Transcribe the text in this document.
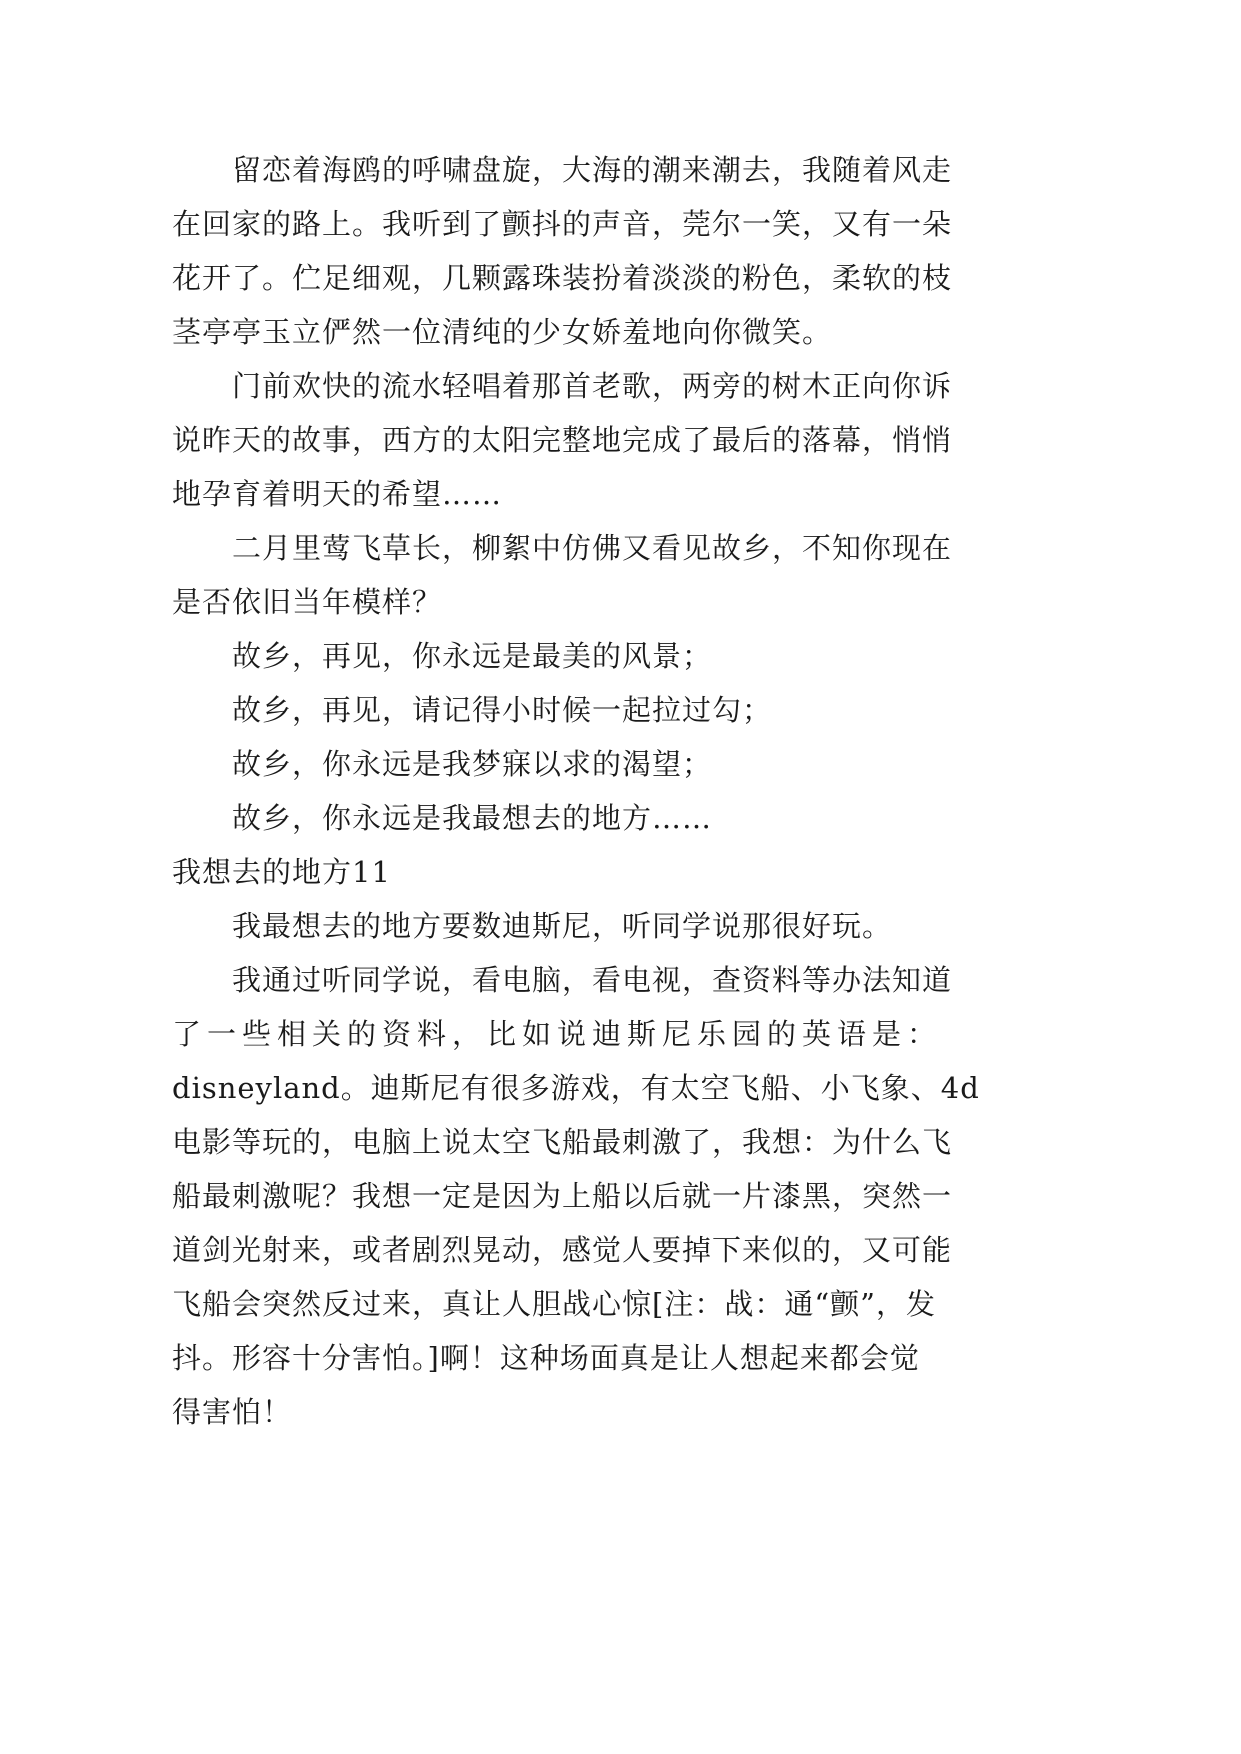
留恋着海鸥的呼啸盘旋，大海的潮来潮去，我随着风走
在回家的路上。我听到了颤抖的声音，莞尔一笑，又有一朵
花开了。伫足细观，几颗露珠装扮着淡淡的粉色，柔软的枝
茎亭亭玉立俨然一位清纯的少女娇羞地向你微笑。
门前欢快的流水轻唱着那首老歌，两旁的树木正向你诉
说昨天的故事，西方的太阳完整地完成了最后的落幕，悄悄
地孕育着明天的希望……
二月里莺飞草长，柳絮中仿佛又看见故乡，不知你现在
是否依旧当年模样？
故乡，再见，你永远是最美的风景；
故乡，再见，请记得小时候一起拉过勾；
故乡，你永远是我梦寐以求的渴望；
故乡，你永远是我最想去的地方……
我想去的地方11
我最想去的地方要数迪斯尼，听同学说那很好玩。
我通过听同学说，看电脑，看电视，查资料等办法知道
了一些相关的资料，比如说迪斯尼乐园的英语是：
disneyland。迪斯尼有很多游戏，有太空飞船、小飞象、4d
电影等玩的，电脑上说太空飞船最刺激了，我想：为什么飞
船最刺激呢？我想一定是因为上船以后就一片漆黑，突然一
道剑光射来，或者剧烈晃动，感觉人要掉下来似的，又可能
飞船会突然反过来，真让人胆战心惊[注：战：通“颤”，发
抖。形容十分害怕。]啊！这种场面真是让人想起来都会觉
得害怕！
